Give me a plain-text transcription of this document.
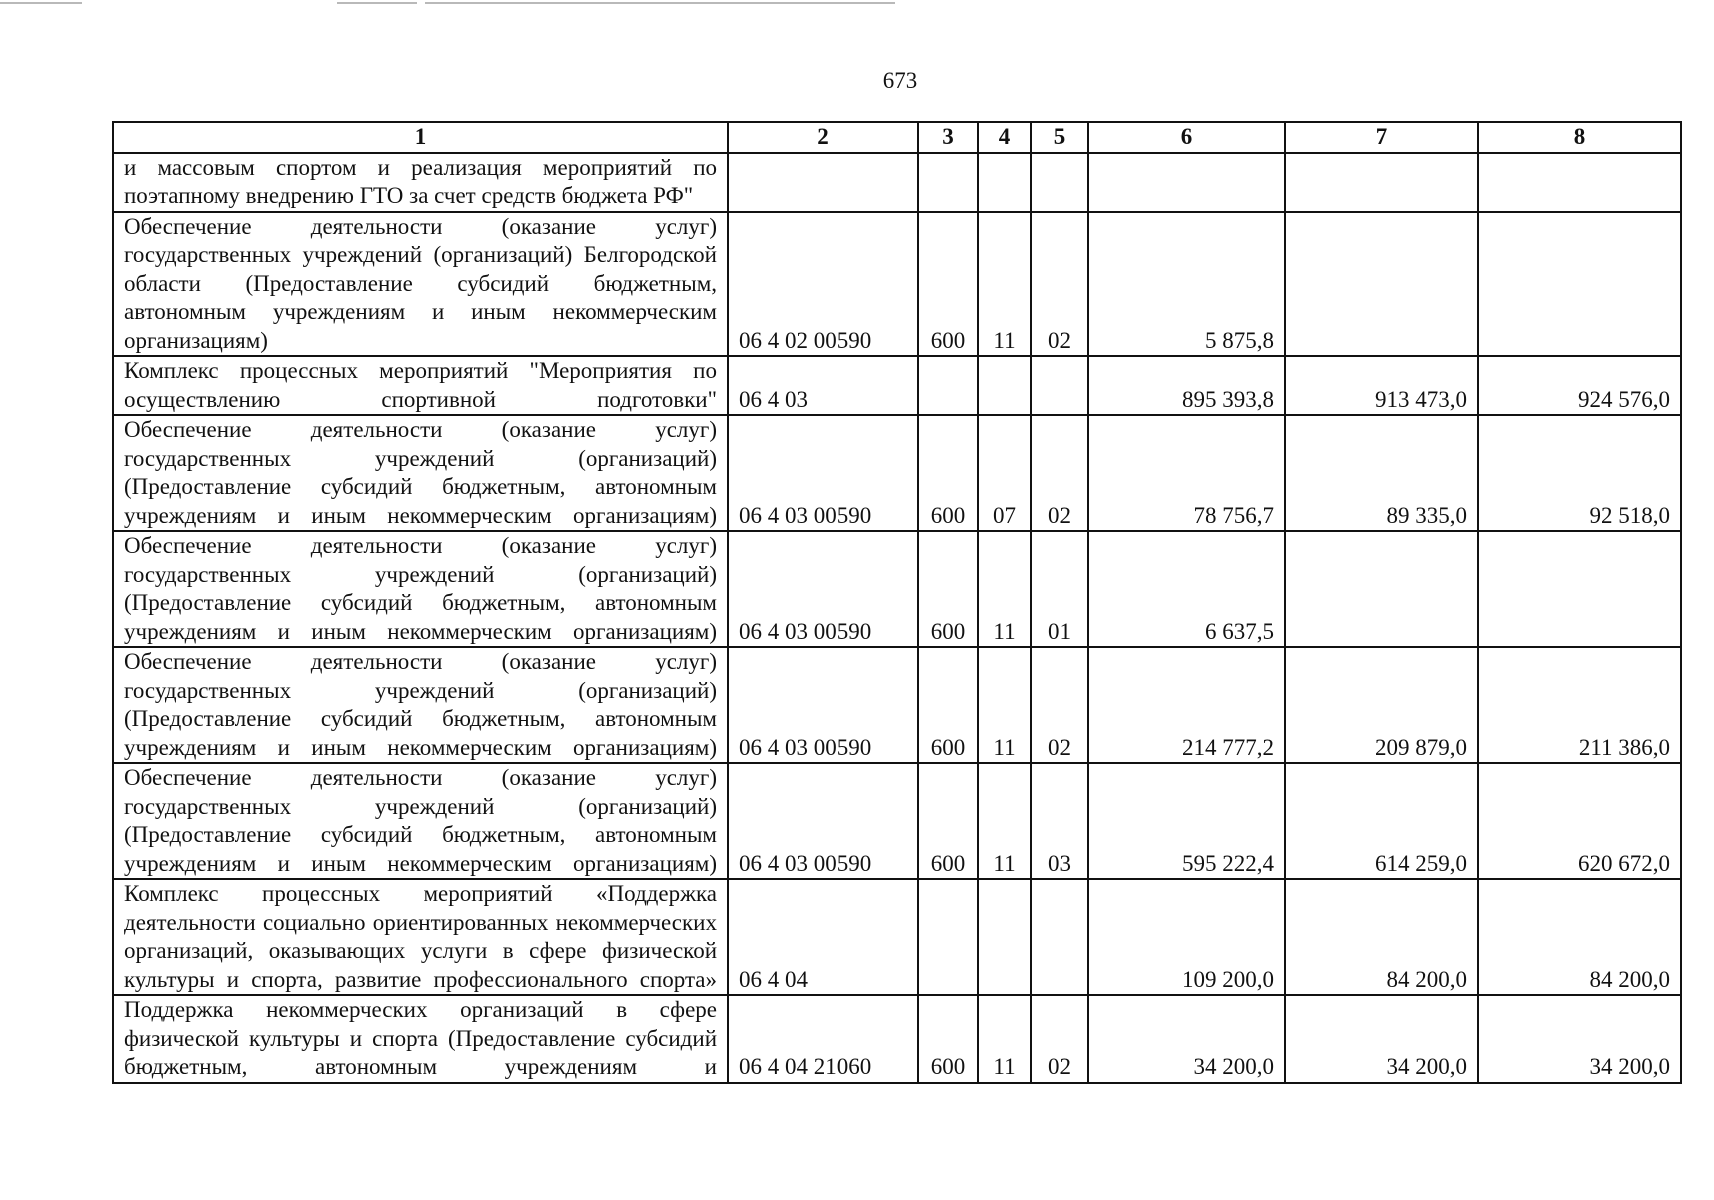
673
1	2	3	4	5	6	7	8
и массовым спортом и реализация мероприятий по поэтапному внедрению ГТО за счет средств бюджета РФ"							
Обеспечение деятельности (оказание услуг) государственных учреждений (организаций) Белгородской области (Предоставление субсидий бюджетным, автономным учреждениям и иным некоммерческим организациям)	06 4 02 00590	600	11	02	5 875,8		
Комплекс процессных мероприятий "Мероприятия по осуществлению спортивной подготовки"	06 4 03				895 393,8	913 473,0	924 576,0
Обеспечение деятельности (оказание услуг) государственных учреждений (организаций) (Предоставление субсидий бюджетным, автономным учреждениям и иным некоммерческим организациям)	06 4 03 00590	600	07	02	78 756,7	89 335,0	92 518,0
Обеспечение деятельности (оказание услуг) государственных учреждений (организаций) (Предоставление субсидий бюджетным, автономным учреждениям и иным некоммерческим организациям)	06 4 03 00590	600	11	01	6 637,5		
Обеспечение деятельности (оказание услуг) государственных учреждений (организаций) (Предоставление субсидий бюджетным, автономным учреждениям и иным некоммерческим организациям)	06 4 03 00590	600	11	02	214 777,2	209 879,0	211 386,0
Обеспечение деятельности (оказание услуг) государственных учреждений (организаций) (Предоставление субсидий бюджетным, автономным учреждениям и иным некоммерческим организациям)	06 4 03 00590	600	11	03	595 222,4	614 259,0	620 672,0
Комплекс процессных мероприятий «Поддержка деятельности социально ориентированных некоммерческих организаций, оказывающих услуги в сфере физической культуры и спорта, развитие профессионального спорта»	06 4 04				109 200,0	84 200,0	84 200,0
Поддержка некоммерческих организаций в сфере физической культуры и спорта (Предоставление субсидий бюджетным, автономным учреждениям и	06 4 04 21060	600	11	02	34 200,0	34 200,0	34 200,0
